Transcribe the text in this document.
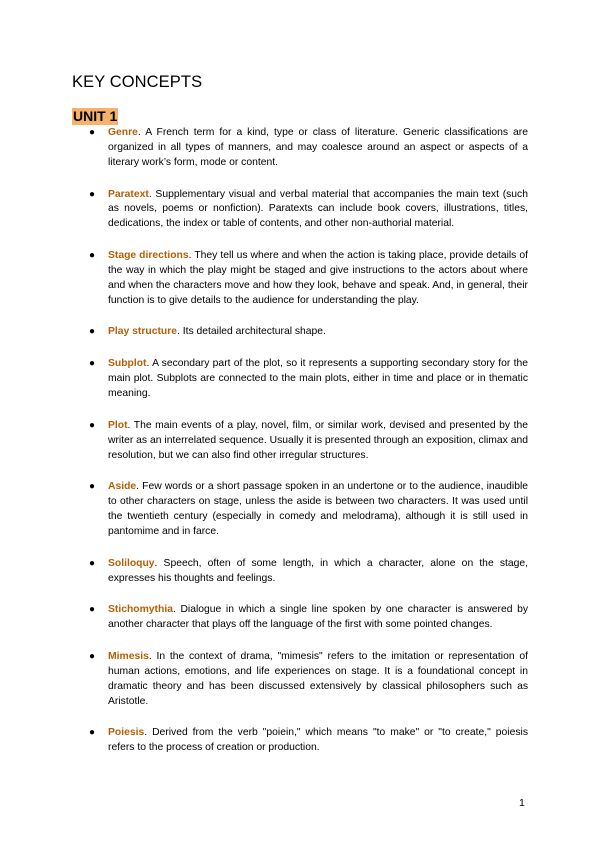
KEY CONCEPTS
UNIT 1
● Genre. A French term for a kind, type or class of literature. Generic classifications are organized in all types of manners, and may coalesce around an aspect or aspects of a literary work’s form, mode or content.
● Paratext. Supplementary visual and verbal material that accompanies the main text (such as novels, poems or nonfiction). Paratexts can include book covers, illustrations, titles, dedications, the index or table of contents, and other non-authorial material.
● Stage directions. They tell us where and when the action is taking place, provide details of the way in which the play might be staged and give instructions to the actors about where and when the characters move and how they look, behave and speak. And, in general, their function is to give details to the audience for understanding the play.
● Play structure. Its detailed architectural shape.
● Subplot. A secondary part of the plot, so it represents a supporting secondary story for the main plot. Subplots are connected to the main plots, either in time and place or in thematic meaning.
● Plot. The main events of a play, novel, film, or similar work, devised and presented by the writer as an interrelated sequence. Usually it is presented through an exposition, climax and resolution, but we can also find other irregular structures.
● Aside. Few words or a short passage spoken in an undertone or to the audience, inaudible to other characters on stage, unless the aside is between two characters. It was used until the twentieth century (especially in comedy and melodrama), although it is still used in pantomime and in farce.
● Soliloquy. Speech, often of some length, in which a character, alone on the stage, expresses his thoughts and feelings.
● Stichomythia. Dialogue in which a single line spoken by one character is answered by another character that plays off the language of the first with some pointed changes.
● Mimesis. In the context of drama, "mimesis" refers to the imitation or representation of human actions, emotions, and life experiences on stage. It is a foundational concept in dramatic theory and has been discussed extensively by classical philosophers such as Aristotle.
● Poiesis. Derived from the verb "poiein," which means "to make" or "to create," poiesis refers to the process of creation or production.
1
